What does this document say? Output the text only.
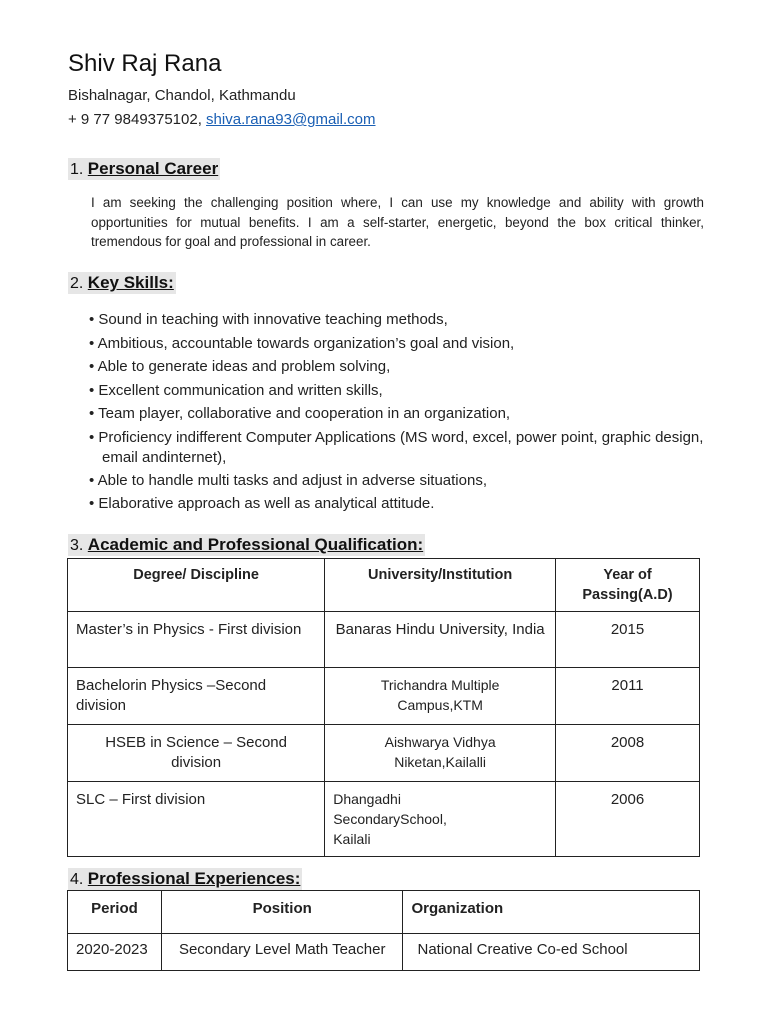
Shiv Raj Rana
Bishalnagar, Chandol, Kathmandu
+ 9 77 9849375102, shiva.rana93@gmail.com
1. Personal Career
I am seeking the challenging position where, I can use my knowledge and ability with growth opportunities for mutual benefits. I am a self-starter, energetic, beyond the box critical thinker, tremendous for goal and professional in career.
2. Key Skills:
• Sound in teaching with innovative teaching methods,
• Ambitious, accountable towards organization’s goal and vision,
• Able to generate ideas and problem solving,
• Excellent communication and written skills,
• Team player, collaborative and cooperation in an organization,
• Proficiency indifferent Computer Applications (MS word, excel, power point, graphic design, email andinternet),
• Able to handle multi tasks and adjust in adverse situations,
• Elaborative approach as well as analytical attitude.
3. Academic and Professional Qualification:
Degree/ Discipline	University/Institution	Year of Passing(A.D)
Master’s in Physics - First division	Banaras Hindu University, India	2015
Bachelorin Physics –Second division	Trichandra Multiple Campus,KTM	2011
HSEB in Science – Second division	Aishwarya Vidhya Niketan,Kailalli	2008
SLC – First division	Dhangadhi SecondarySchool, Kailali	2006
4. Professional Experiences:
Period	Position	Organization
2020-2023	Secondary Level Math Teacher	National Creative Co-ed School
